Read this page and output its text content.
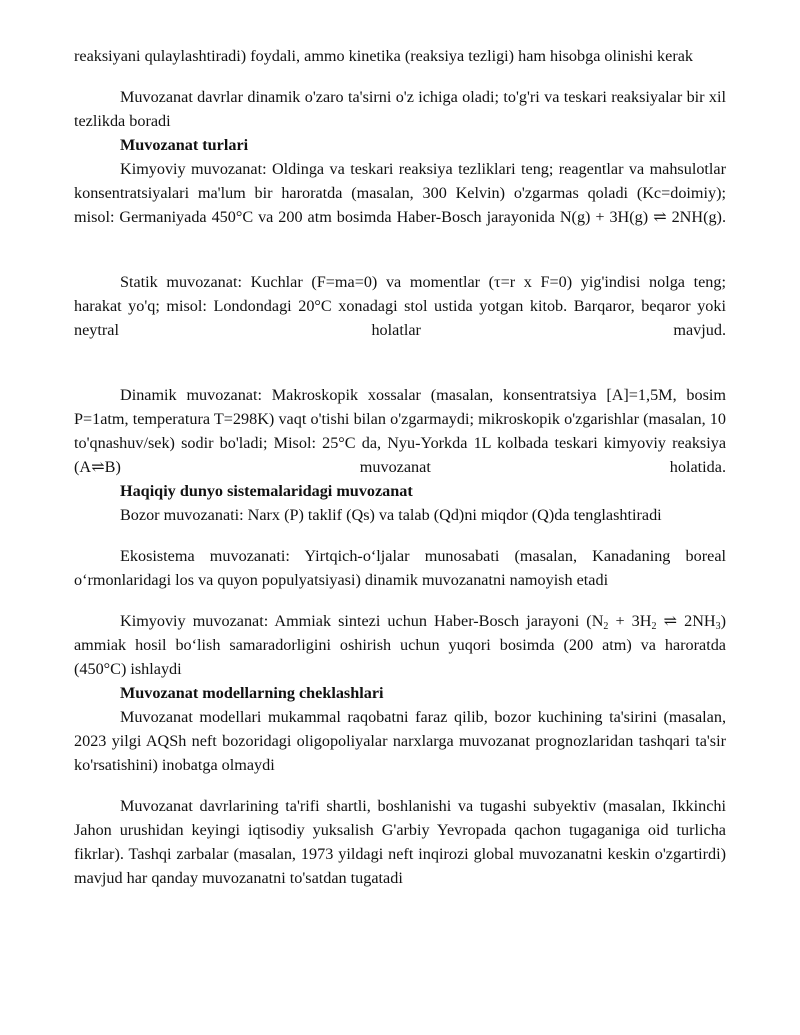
reaksiyani qulaylashtiradi) foydali, ammo kinetika (reaksiya tezligi) ham hisobga olinishi kerak

Muvozanat davrlar dinamik o'zaro ta'sirni o'z ichiga oladi; to'g'ri va teskari reaksiyalar bir xil tezlikda boradi

Muvozanat turlari

Kimyoviy muvozanat: Oldinga va teskari reaksiya tezliklari teng; reagentlar va mahsulotlar konsentratsiyalari ma'lum bir haroratda (masalan, 300 Kelvin) o'zgarmas qoladi (Kc=doimiy); misol: Germaniyada 450°C va 200 atm bosimda Haber-Bosch jarayonida N(g) + 3H(g) ⇌ 2NH(g).

Statik muvozanat: Kuchlar (F=ma=0) va momentlar (τ=r x F=0) yig'indisi nolga teng; harakat yo'q; misol: Londondagi 20°C xonadagi stol ustida yotgan kitob. Barqaror, beqaror yoki neytral holatlar mavjud.

Dinamik muvozanat: Makroskopik xossalar (masalan, konsentratsiya [A]=1,5M, bosim P=1atm, temperatura T=298K) vaqt o'tishi bilan o'zgarmaydi; mikroskopik o'zgarishlar (masalan, 10 to'qnashuv/sek) sodir bo'ladi; Misol: 25°C da, Nyu-Yorkda 1L kolbada teskari kimyoviy reaksiya (A⇌B) muvozanat holatida.

Haqiqiy dunyo sistemalaridagi muvozanat

Bozor muvozanati: Narx (P) taklif (Qs) va talab (Qd)ni miqdor (Q)da tenglashtiradi

Ekosistema muvozanati: Yirtqich-o‘ljalar munosabati (masalan, Kanadaning boreal o‘rmonlaridagi los va quyon populyatsiyasi) dinamik muvozanatni namoyish etadi

Kimyoviy muvozanat: Ammiak sintezi uchun Haber-Bosch jarayoni ($N_2 + 3H_2$ ⇌ $2NH_3$) ammiak hosil bo‘lish samaradorligini oshirish uchun yuqori bosimda (200 atm) va haroratda (450°C) ishlaydi

Muvozanat modellarning cheklashlari

Muvozanat modellari mukammal raqobatni faraz qilib, bozor kuchining ta'sirini (masalan, 2023 yilgi AQSh neft bozoridagi oligopoliyalar narxlarga muvozanat prognozlaridan tashqari ta'sir ko'rsatishini) inobatga olmaydi

Muvozanat davrlarining ta'rifi shartli, boshlanishi va tugashi subyektiv (masalan, Ikkinchi Jahon urushidan keyingi iqtisodiy yuksalish G'arbiy Yevropada qachon tugaganiga oid turlicha fikrlar). Tashqi zarbalar (masalan, 1973 yildagi neft inqirozi global muvozanatni keskin o'zgartirdi) mavjud har qanday muvozanatni to'satdan tugatadi
